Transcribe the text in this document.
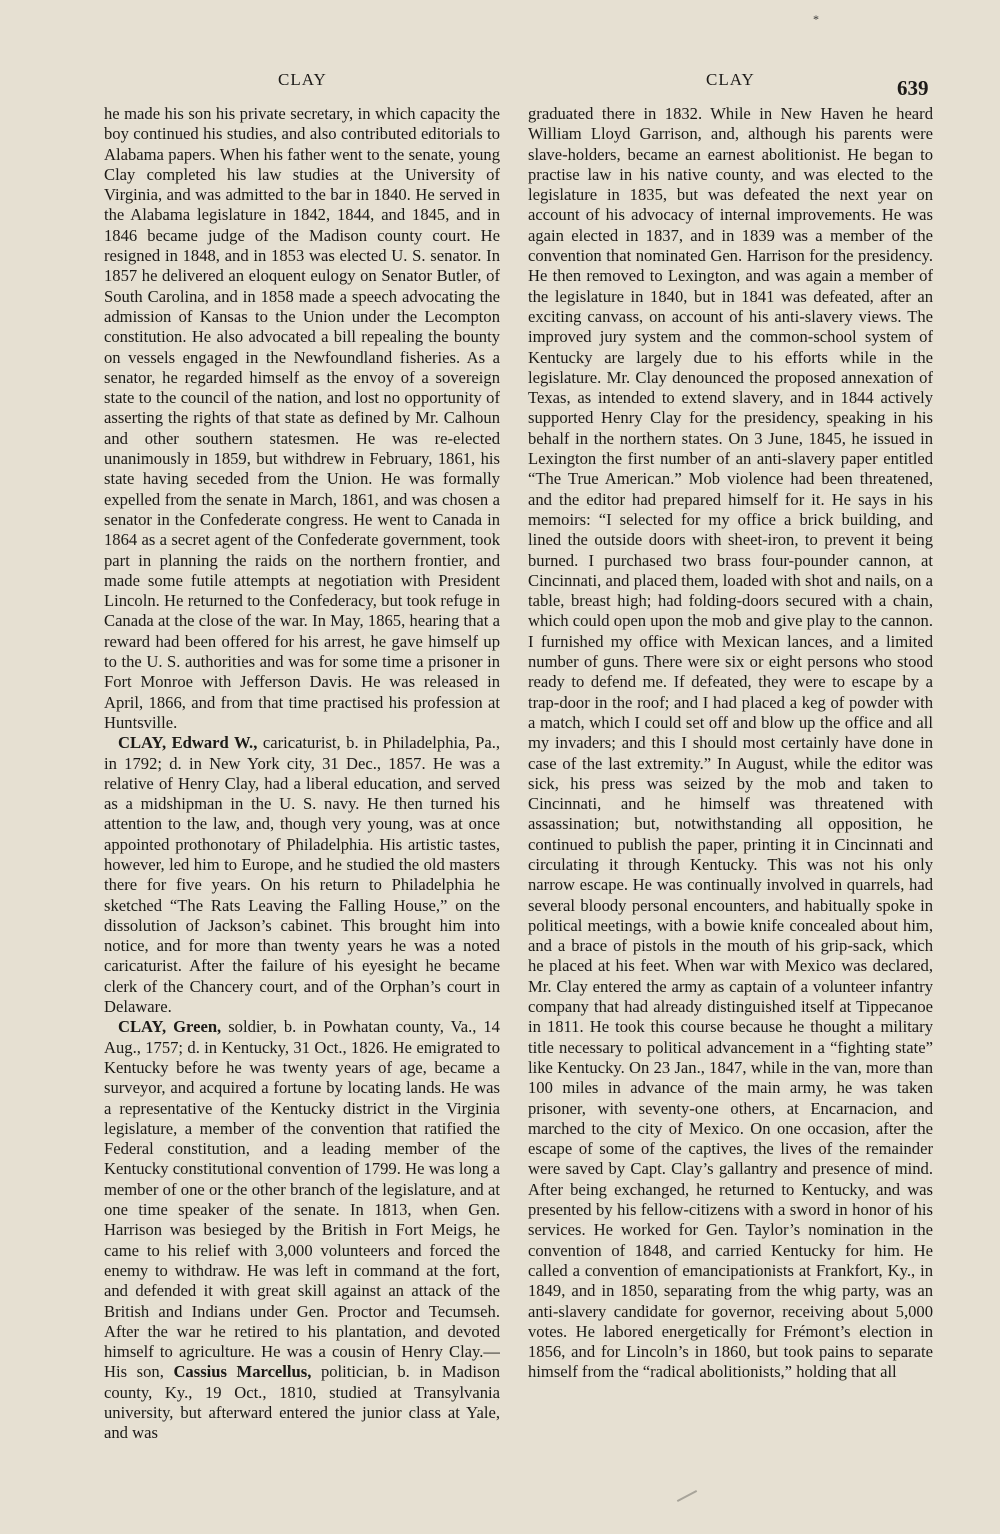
*
CLAY	CLAY	639

he made his son his private secretary, in which capacity the boy continued his studies, and also contributed editorials to Alabama papers. When his father went to the senate, young Clay completed his law studies at the University of Virginia, and was admitted to the bar in 1840. He served in the Alabama legislature in 1842, 1844, and 1845, and in 1846 became judge of the Madison county court. He resigned in 1848, and in 1853 was elected U. S. senator. In 1857 he delivered an eloquent eulogy on Senator Butler, of South Carolina, and in 1858 made a speech advocating the admission of Kansas to the Union under the Lecompton constitution. He also advocated a bill repealing the bounty on vessels engaged in the Newfoundland fisheries. As a senator, he regarded himself as the envoy of a sovereign state to the council of the nation, and lost no opportunity of asserting the rights of that state as defined by Mr. Calhoun and other southern statesmen. He was re-elected unanimously in 1859, but withdrew in February, 1861, his state having seceded from the Union. He was formally expelled from the senate in March, 1861, and was chosen a senator in the Confederate congress. He went to Canada in 1864 as a secret agent of the Confederate government, took part in planning the raids on the northern frontier, and made some futile attempts at negotiation with President Lincoln. He returned to the Confederacy, but took refuge in Canada at the close of the war. In May, 1865, hearing that a reward had been offered for his arrest, he gave himself up to the U. S. authorities and was for some time a prisoner in Fort Monroe with Jefferson Davis. He was released in April, 1866, and from that time practised his profession at Huntsville.

CLAY, Edward W., caricaturist, b. in Philadelphia, Pa., in 1792; d. in New York city, 31 Dec., 1857. He was a relative of Henry Clay, had a liberal education, and served as a midshipman in the U. S. navy. He then turned his attention to the law, and, though very young, was at once appointed prothonotary of Philadelphia. His artistic tastes, however, led him to Europe, and he studied the old masters there for five years. On his return to Philadelphia he sketched “The Rats Leaving the Falling House,” on the dissolution of Jackson’s cabinet. This brought him into notice, and for more than twenty years he was a noted caricaturist. After the failure of his eyesight he became clerk of the Chancery court, and of the Orphan’s court in Delaware.

CLAY, Green, soldier, b. in Powhatan county, Va., 14 Aug., 1757; d. in Kentucky, 31 Oct., 1826. He emigrated to Kentucky before he was twenty years of age, became a surveyor, and acquired a fortune by locating lands. He was a representative of the Kentucky district in the Virginia legislature, a member of the convention that ratified the Federal constitution, and a leading member of the Kentucky constitutional convention of 1799. He was long a member of one or the other branch of the legislature, and at one time speaker of the senate. In 1813, when Gen. Harrison was besieged by the British in Fort Meigs, he came to his relief with 3,000 volunteers and forced the enemy to withdraw. He was left in command at the fort, and defended it with great skill against an attack of the British and Indians under Gen. Proctor and Tecumseh. After the war he retired to his plantation, and devoted himself to agriculture. He was a cousin of Henry Clay.—His son, Cassius Marcellus, politician, b. in Madison county, Ky., 19 Oct., 1810, studied at Transylvania university, but afterward entered the junior class at Yale, and was

graduated there in 1832. While in New Haven he heard William Lloyd Garrison, and, although his parents were slave-holders, became an earnest abolitionist. He began to practise law in his native county, and was elected to the legislature in 1835, but was defeated the next year on account of his advocacy of internal improvements. He was again elected in 1837, and in 1839 was a member of the convention that nominated Gen. Harrison for the presidency. He then removed to Lexington, and was again a member of the legislature in 1840, but in 1841 was defeated, after an exciting canvass, on account of his anti-slavery views. The improved jury system and the common-school system of Kentucky are largely due to his efforts while in the legislature. Mr. Clay denounced the proposed annexation of Texas, as intended to extend slavery, and in 1844 actively supported Henry Clay for the presidency, speaking in his behalf in the northern states. On 3 June, 1845, he issued in Lexington the first number of an anti-slavery paper entitled “The True American.” Mob violence had been threatened, and the editor had prepared himself for it. He says in his memoirs: “I selected for my office a brick building, and lined the outside doors with sheet-iron, to prevent it being burned. I purchased two brass four-pounder cannon, at Cincinnati, and placed them, loaded with shot and nails, on a table, breast high; had folding-doors secured with a chain, which could open upon the mob and give play to the cannon. I furnished my office with Mexican lances, and a limited number of guns. There were six or eight persons who stood ready to defend me. If defeated, they were to escape by a trap-door in the roof; and I had placed a keg of powder with a match, which I could set off and blow up the office and all my invaders; and this I should most certainly have done in case of the last extremity.” In August, while the editor was sick, his press was seized by the mob and taken to Cincinnati, and he himself was threatened with assassination; but, notwithstanding all opposition, he continued to publish the paper, printing it in Cincinnati and circulating it through Kentucky. This was not his only narrow escape. He was continually involved in quarrels, had several bloody personal encounters, and habitually spoke in political meetings, with a bowie knife concealed about him, and a brace of pistols in the mouth of his grip-sack, which he placed at his feet. When war with Mexico was declared, Mr. Clay entered the army as captain of a volunteer infantry company that had already distinguished itself at Tippecanoe in 1811. He took this course because he thought a military title necessary to political advancement in a “fighting state” like Kentucky. On 23 Jan., 1847, while in the van, more than 100 miles in advance of the main army, he was taken prisoner, with seventy-one others, at Encarnacion, and marched to the city of Mexico. On one occasion, after the escape of some of the captives, the lives of the remainder were saved by Capt. Clay’s gallantry and presence of mind. After being exchanged, he returned to Kentucky, and was presented by his fellow-citizens with a sword in honor of his services. He worked for Gen. Taylor’s nomination in the convention of 1848, and carried Kentucky for him. He called a convention of emancipationists at Frankfort, Ky., in 1849, and in 1850, separating from the whig party, was an anti-slavery candidate for governor, receiving about 5,000 votes. He labored energetically for Frémont’s election in 1856, and for Lincoln’s in 1860, but took pains to separate himself from the “radical abolitionists,” holding that all
